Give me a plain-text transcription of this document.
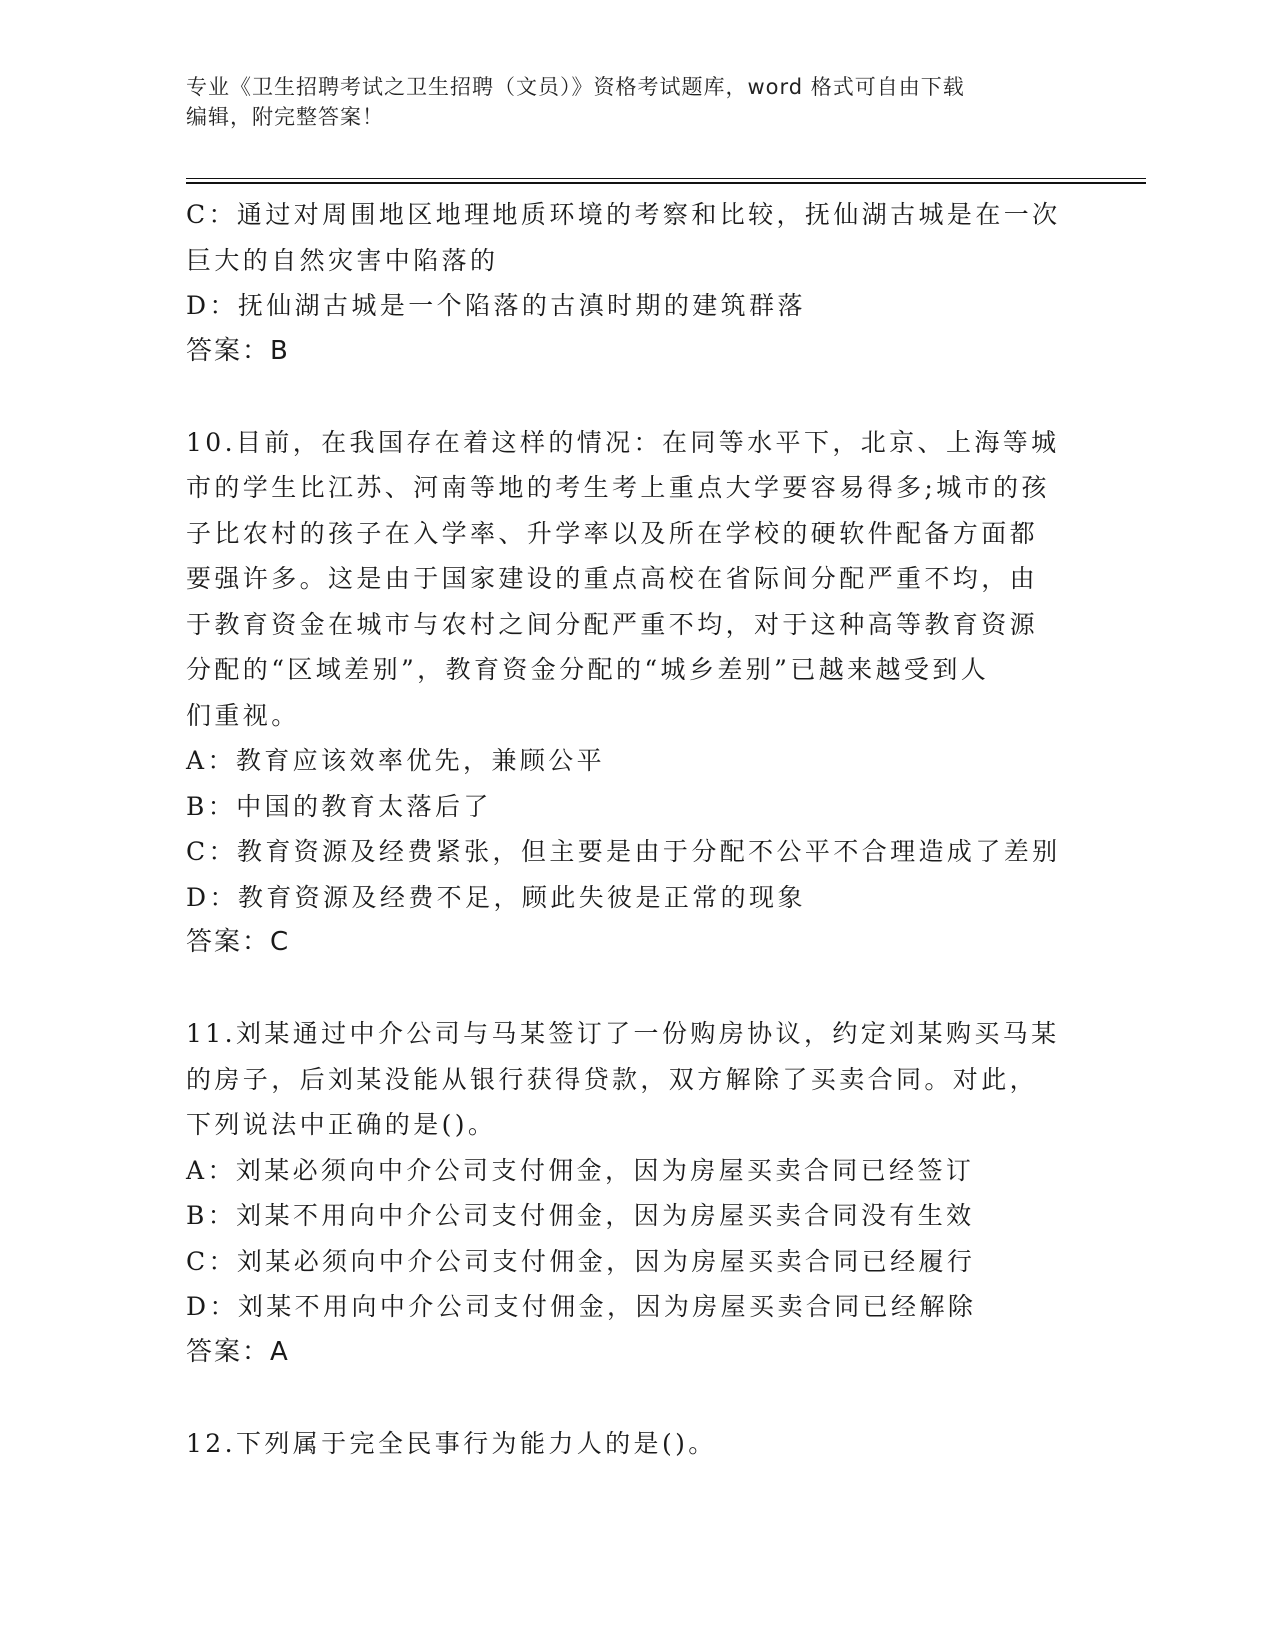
专业《卫生招聘考试之卫生招聘（文员）》资格考试题库，word 格式可自由下载
编辑，附完整答案！

C：通过对周围地区地理地质环境的考察和比较，抚仙湖古城是在一次

巨大的自然灾害中陷落的

D：抚仙湖古城是一个陷落的古滇时期的建筑群落

答案：B

10.目前，在我国存在着这样的情况：在同等水平下，北京、上海等城

市的学生比江苏、河南等地的考生考上重点大学要容易得多;城市的孩

子比农村的孩子在入学率、升学率以及所在学校的硬软件配备方面都

要强许多。这是由于国家建设的重点高校在省际间分配严重不均，由

于教育资金在城市与农村之间分配严重不均，对于这种高等教育资源

分配的“区域差别”，教育资金分配的“城乡差别”已越来越受到人

们重视。

A：教育应该效率优先，兼顾公平

B：中国的教育太落后了

C：教育资源及经费紧张，但主要是由于分配不公平不合理造成了差别

D：教育资源及经费不足，顾此失彼是正常的现象

答案：C

11.刘某通过中介公司与马某签订了一份购房协议，约定刘某购买马某

的房子，后刘某没能从银行获得贷款，双方解除了买卖合同。对此，

下列说法中正确的是()。

A：刘某必须向中介公司支付佣金，因为房屋买卖合同已经签订

B：刘某不用向中介公司支付佣金，因为房屋买卖合同没有生效

C：刘某必须向中介公司支付佣金，因为房屋买卖合同已经履行

D：刘某不用向中介公司支付佣金，因为房屋买卖合同已经解除

答案：A

12.下列属于完全民事行为能力人的是()。
